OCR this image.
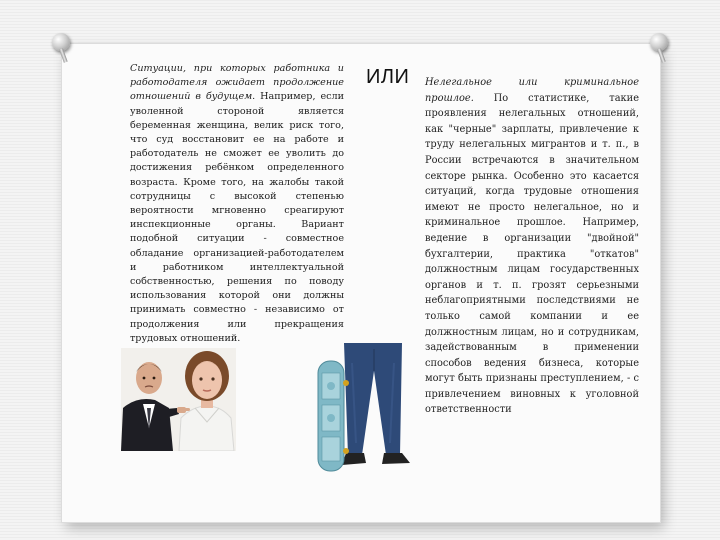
Ситуации, при которых работника и работодателя ожидает продолжение отношений в будущем. Например, если уволенной стороной является беременная женщина, велик риск того, что суд восстановит ее на работе и работодатель не сможет ее уволить до достижения ребёнком определенного возраста. Кроме того, на жалобы такой сотрудницы с высокой степенью вероятности мгновенно среагируют инспекционные органы. Вариант подобной ситуации - совместное обладание организацией-работодателем и работником интеллектуальной собственностью, решения по поводу использования которой они должны принимать совместно - независимо от продолжения или прекращения трудовых отношений.
ИЛИ Нелегальное или криминальное прошлое. По статистике, такие проявления нелегальных отношений, как "черные" зарплаты, привлечение к труду нелегальных мигрантов и т. п., в России встречаются в значительном секторе рынка. Особенно это касается ситуаций, когда трудовые отношения имеют не просто нелегальное, но и криминальное прошлое. Например, ведение в организации "двойной" бухгалтерии, практика "откатов" должностным лицам государственных органов и т. п. грозят серьезными неблагоприятными последствиями не только самой компании и ее должностным лицам, но и сотрудникам, задействованным в применении способов ведения бизнеса, которые могут быть признаны преступлением, - с привлечением виновных к уголовной ответственности
